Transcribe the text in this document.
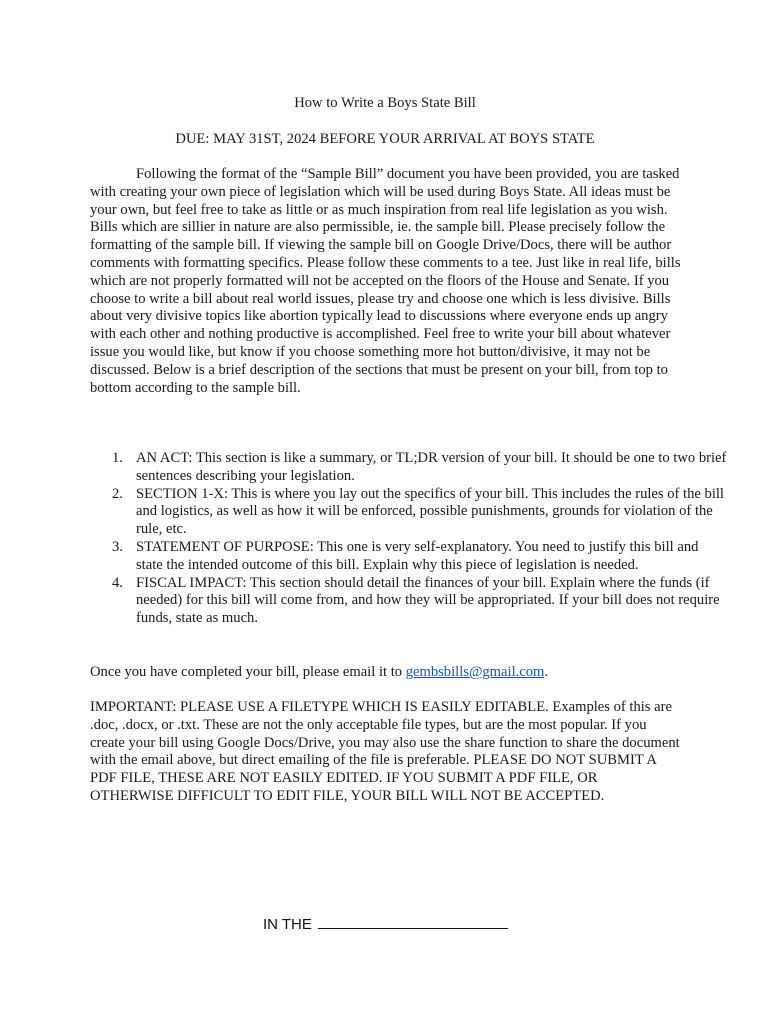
How to Write a Boys State Bill
DUE: MAY 31ST, 2024 BEFORE YOUR ARRIVAL AT BOYS STATE

Following the format of the “Sample Bill” document you have been provided, you are tasked with creating your own piece of legislation which will be used during Boys State. All ideas must be your own, but feel free to take as little or as much inspiration from real life legislation as you wish. Bills which are sillier in nature are also permissible, ie. the sample bill. Please precisely follow the formatting of the sample bill. If viewing the sample bill on Google Drive/Docs, there will be author comments with formatting specifics. Please follow these comments to a tee. Just like in real life, bills which are not properly formatted will not be accepted on the floors of the House and Senate. If you choose to write a bill about real world issues, please try and choose one which is less divisive. Bills about very divisive topics like abortion typically lead to discussions where everyone ends up angry with each other and nothing productive is accomplished. Feel free to write your bill about whatever issue you would like, but know if you choose something more hot button/divisive, it may not be discussed. Below is a brief description of the sections that must be present on your bill, from top to bottom according to the sample bill.

1. AN ACT: This section is like a summary, or TL;DR version of your bill. It should be one to two brief sentences describing your legislation.
2. SECTION 1-X: This is where you lay out the specifics of your bill. This includes the rules of the bill and logistics, as well as how it will be enforced, possible punishments, grounds for violation of the rule, etc.
3. STATEMENT OF PURPOSE: This one is very self-explanatory. You need to justify this bill and state the intended outcome of this bill. Explain why this piece of legislation is needed.
4. FISCAL IMPACT: This section should detail the finances of your bill. Explain where the funds (if needed) for this bill will come from, and how they will be appropriated. If your bill does not require funds, state as much.

Once you have completed your bill, please email it to gembsbills@gmail.com.

IMPORTANT: PLEASE USE A FILETYPE WHICH IS EASILY EDITABLE. Examples of this are .doc, .docx, or .txt. These are not the only acceptable file types, but are the most popular. If you create your bill using Google Docs/Drive, you may also use the share function to share the document with the email above, but direct emailing of the file is preferable. PLEASE DO NOT SUBMIT A PDF FILE, THESE ARE NOT EASILY EDITED. IF YOU SUBMIT A PDF FILE, OR OTHERWISE DIFFICULT TO EDIT FILE, YOUR BILL WILL NOT BE ACCEPTED.

IN THE
